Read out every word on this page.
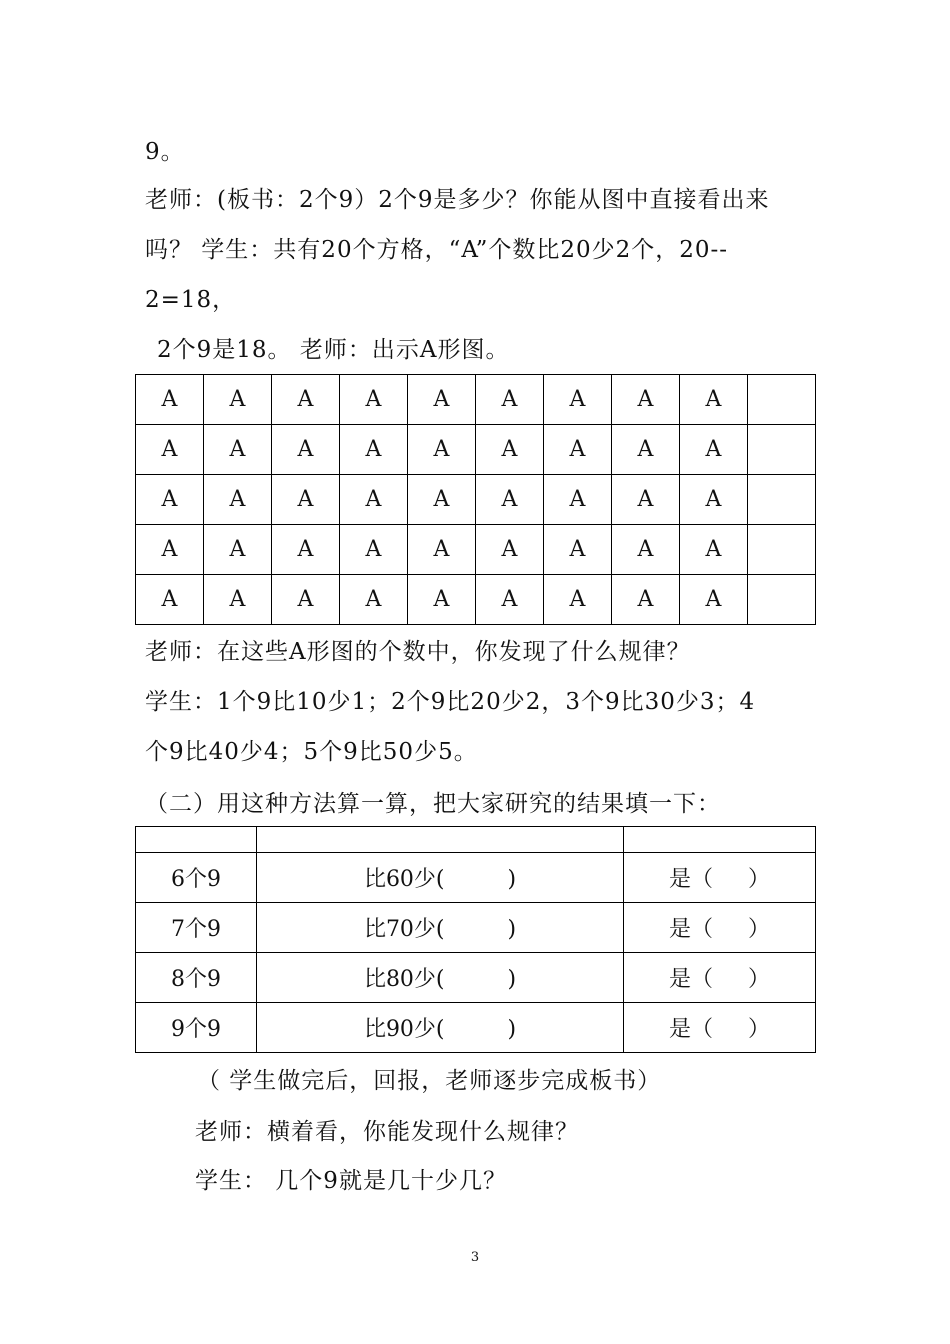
9。
老师：(板书：2个9）2个9是多少？你能从图中直接看出来
吗？ 学生：共有20个方格，“A”个数比20少2个，20--
2=18，
2个9是18。 老师：出示A形图。
A	A	A	A	A	A	A	A	A	
A	A	A	A	A	A	A	A	A	
A	A	A	A	A	A	A	A	A	
A	A	A	A	A	A	A	A	A	
A	A	A	A	A	A	A	A	A	
老师：在这些A形图的个数中，你发现了什么规律？
学生：1个9比10少1；2个9比20少2，3个9比30少3；4
个9比40少4；5个9比50少5。
（二）用这种方法算一算，把大家研究的结果填一下：

6个9	比60少(         )	是（     ）
7个9	比70少(         )	是（     ）
8个9	比80少(         )	是（     ）
9个9	比90少(         )	是（     ）
（ 学生做完后，回报，老师逐步完成板书）
老师：横着看，你能发现什么规律？
学生： 几个9就是几十少几？
3
